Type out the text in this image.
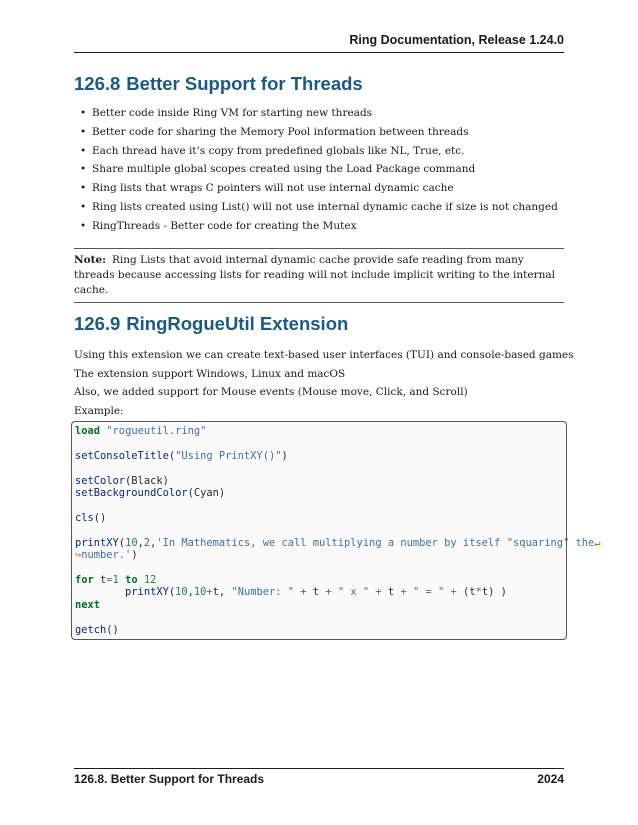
Ring Documentation, Release 1.24.0
126.8 Better Support for Threads
• Better code inside Ring VM for starting new threads
• Better code for sharing the Memory Pool information between threads
• Each thread have it’s copy from predefined globals like NL, True, etc.
• Share multiple global scopes created using the Load Package command
• Ring lists that wraps C pointers will not use internal dynamic cache
• Ring lists created using List() will not use internal dynamic cache if size is not changed
• RingThreads - Better code for creating the Mutex
Note: Ring Lists that avoid internal dynamic cache provide safe reading from many threads because accessing lists for reading will not include implicit writing to the internal cache.
126.9 RingRogueUtil Extension

Using this extension we can create text-based user interfaces (TUI) and console-based games

The extension support Windows, Linux and macOS

Also, we added support for Mouse events (Mouse move, Click, and Scroll)

Example:

load "rogueutil.ring"

setConsoleTitle("Using PrintXY()")

setColor(Black)
setBackgroundColor(Cyan)

cls()

printXY(10,2,'In Mathematics, we call multiplying a number by itself "squaring" the↵
↪number.')

for t=1 to 12
printXY(10,10+t, "Number: " + t + " x " + t + " = " + (t*t) )
next

getch()
126.8. Better Support for Threads	2024
